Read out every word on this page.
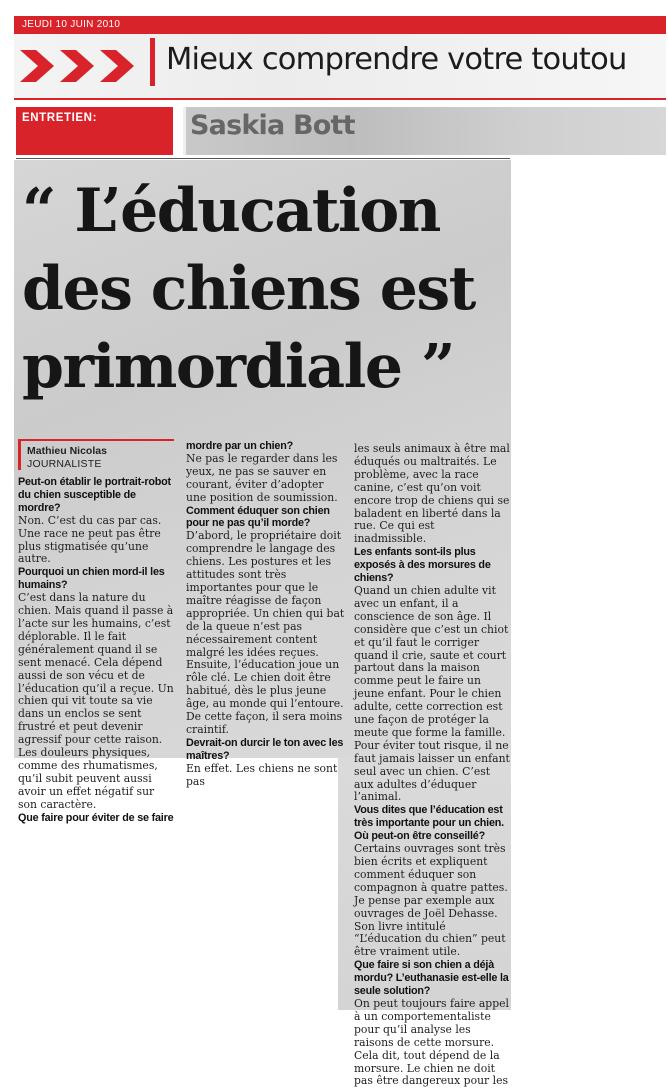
JEUDI 10 JUIN 2010
Mieux comprendre votre toutou
ENTRETIEN:	Saskia Bott
“ L’éducation
des chiens est
primordiale ”
Mathieu Nicolas
JOURNALISTE

Peut-on établir le portrait-robot du chien susceptible de mordre?

Non. C’est du cas par cas. Une race ne peut pas être plus stigmatisée qu’une autre.

Pourquoi un chien mord-il les humains?

C’est dans la nature du chien. Mais quand il passe à l’acte sur les humains, c’est déplorable. Il le fait généralement quand il se sent menacé. Cela dépend aussi de son vécu et de l’éducation qu’il a reçue. Un chien qui vit toute sa vie dans un enclos se sent frustré et peut devenir agressif pour cette raison. Les douleurs physiques, comme des rhumatismes, qu’il subit peuvent aussi avoir un effet négatif sur son caractère.

Que faire pour éviter de se faire

mordre par un chien?

Ne pas le regarder dans les yeux, ne pas se sauver en courant, éviter d’adopter une position de soumission.

Comment éduquer son chien pour ne pas qu’il morde?

D’abord, le propriétaire doit comprendre le langage des chiens. Les postures et les attitudes sont très importantes pour que le maître réagisse de façon appropriée. Un chien qui bat de la queue n’est pas nécessairement content malgré les idées reçues.

Ensuite, l’éducation joue un rôle clé. Le chien doit être habitué, dès le plus jeune âge, au monde qui l’entoure. De cette façon, il sera moins craintif.

Devrait-on durcir le ton avec les maîtres?

En effet. Les chiens ne sont pas

les seuls animaux à être mal éduqués ou maltraités. Le problème, avec la race canine, c’est qu’on voit encore trop de chiens qui se baladent en liberté dans la rue. Ce qui est inadmissible.

Les enfants sont-ils plus exposés à des morsures de chiens?

Quand un chien adulte vit avec un enfant, il a conscience de son âge. Il considère que c’est un chiot et qu’il faut le corriger quand il crie, saute et court partout dans la maison comme peut le faire un jeune enfant. Pour le chien adulte, cette correction est une façon de protéger la meute que forme la famille.

Pour éviter tout risque, il ne faut jamais laisser un enfant seul avec un chien. C’est aux adultes d’éduquer l’animal.

Vous dites que l’éducation est très importante pour un chien. Où peut-on être conseillé?

Certains ouvrages sont très bien écrits et expliquent comment éduquer son compagnon à quatre pattes. Je pense par exemple aux ouvrages de Joël Dehasse. Son livre intitulé “L’éducation du chien” peut être vraiment utile.

Que faire si son chien a déjà mordu? L’euthanasie est-elle la seule solution?

On peut toujours faire appel à un comportementaliste pour qu’il analyse les raisons de cette morsure. Cela dit, tout dépend de la morsure. Le chien ne doit pas être dangereux pour les
